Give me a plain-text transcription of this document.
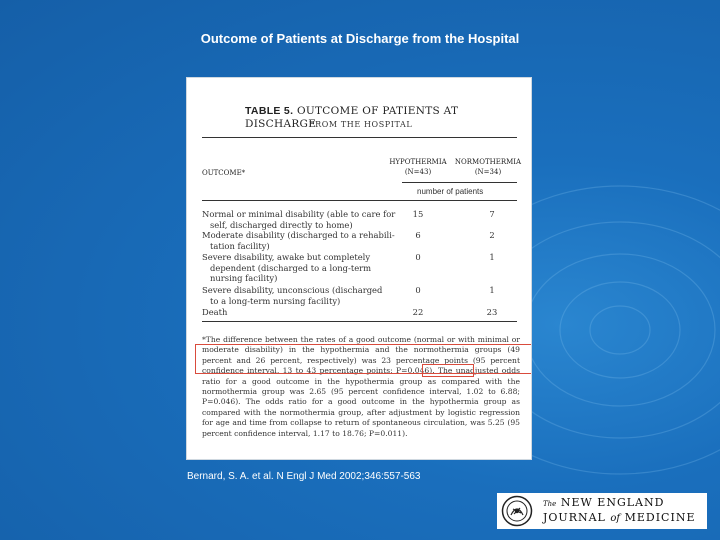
Outcome of Patients at Discharge from the Hospital
TABLE 5. OUTCOME OF PATIENTS AT DISCHARGE
FROM THE HOSPITAL
OUTCOME*
HYPOTHERMIA
(N=43)
NORMOTHERMIA
(N=34)
number of patients
Normal or minimal disability (able to care for
self, discharged directly to home)
15	7
Moderate disability (discharged to a rehabili-
tation facility)
6	2
Severe disability, awake but completely
dependent (discharged to a long-term
nursing facility)
0	1
Severe disability, unconscious (discharged
to a long-term nursing facility)
0	1
Death	22	23
*The difference between the rates of a good outcome (normal or with minimal or moderate disability) in the hypothermia and the normothermia groups (49 percent and 26 percent, respectively) was 23 percentage points (95 percent confidence interval, 13 to 43 percentage points; P=0.046). The unadjusted odds ratio for a good outcome in the hypothermia group as compared with the normothermia group was 2.65 (95 percent confidence interval, 1.02 to 6.88; P=0.046). The odds ratio for a good outcome in the hypothermia group as compared with the normothermia group, after adjustment by logistic regression for age and time from collapse to return of spontaneous circulation, was 5.25 (95 percent confidence interval, 1.17 to 18.76; P=0.011).
Bernard, S. A. et al. N Engl J Med 2002;346:557-563
The NEW ENGLAND
JOURNAL of MEDICINE
